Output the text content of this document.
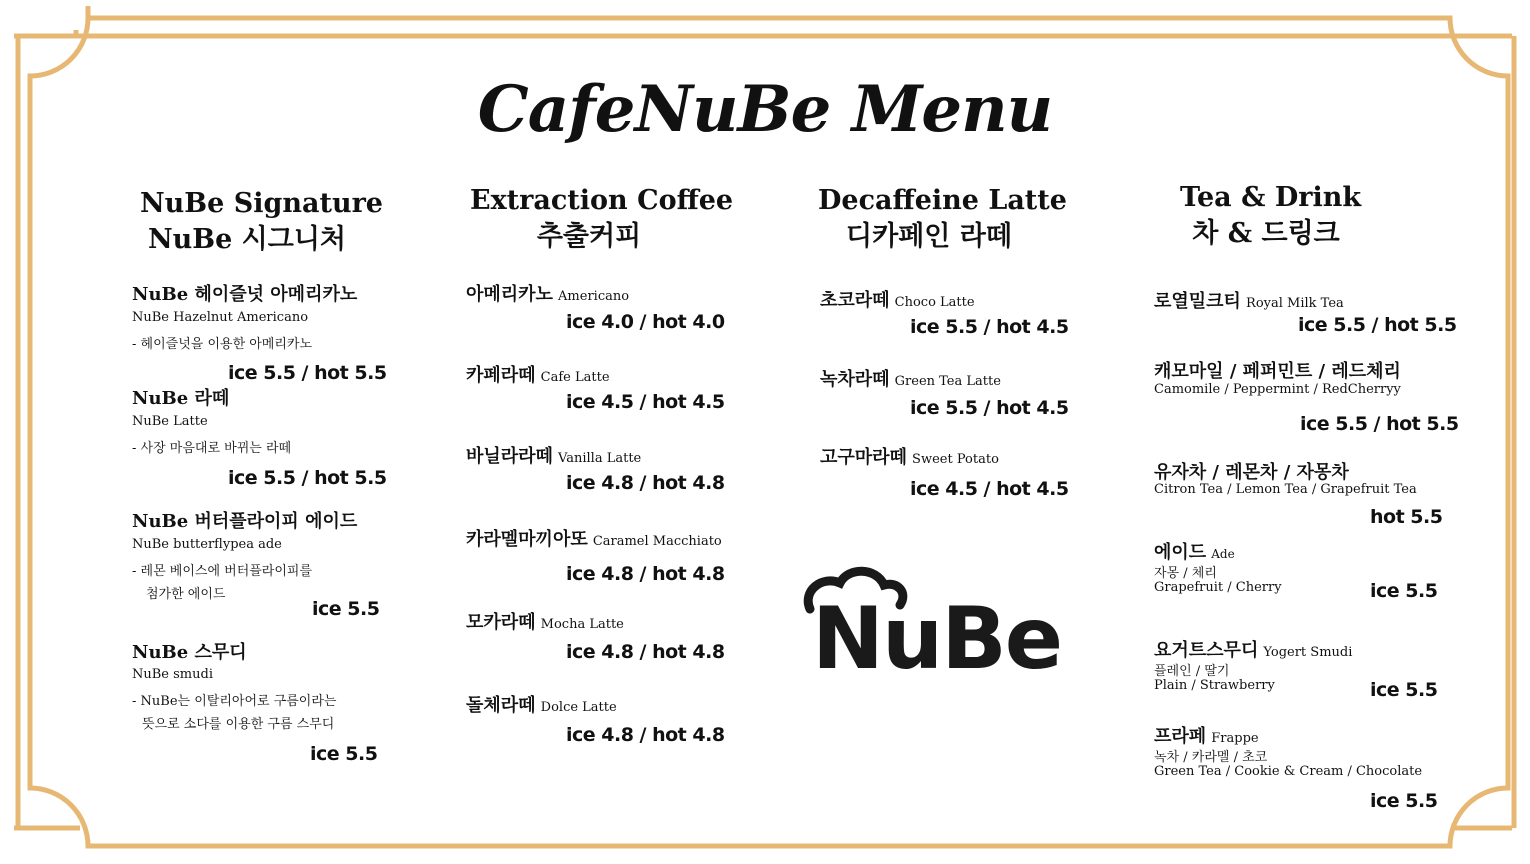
CafeNuBe Menu
NuBe Signature
NuBe 시그니처
NuBe 헤이즐넛 아메리카노
NuBe Hazelnut Americano
- 헤이즐넛을 이용한 아메리카노
ice 5.5 / hot 5.5
NuBe 라떼
NuBe Latte
- 사장 마음대로 바뀌는 라떼
ice 5.5 / hot 5.5
NuBe 버터플라이피 에이드
NuBe butterflypea ade
- 레몬 베이스에 버터플라이피를
첨가한 에이드
ice 5.5
NuBe 스무디
NuBe smudi
- NuBe는 이탈리아어로 구름이라는
뜻으로 소다를 이용한 구름 스무디
ice 5.5
Extraction Coffee
추출커피
아메리카노 Americano
ice 4.0 / hot 4.0
카페라떼 Cafe Latte
ice 4.5 / hot 4.5
바닐라라떼 Vanilla Latte
ice 4.8 / hot 4.8
카라멜마끼아또 Caramel Macchiato
ice 4.8 / hot 4.8
모카라떼 Mocha Latte
ice 4.8 / hot 4.8
돌체라떼 Dolce Latte
ice 4.8 / hot 4.8
Decaffeine Latte
디카페인 라떼
초코라떼 Choco Latte
ice 5.5 / hot 4.5
녹차라떼 Green Tea Latte
ice 5.5 / hot 4.5
고구마라떼 Sweet Potato
ice 4.5 / hot 4.5
NuBe
Tea & Drink
차 & 드링크
로열밀크티 Royal Milk Tea
ice 5.5 / hot 5.5
캐모마일 / 페퍼민트 / 레드체리
Camomile / Peppermint / RedCherryy
ice 5.5 / hot 5.5
유자차 / 레몬차 / 자몽차
Citron Tea / Lemon Tea / Grapefruit Tea
hot 5.5
에이드 Ade
자몽 / 체리
Grapefruit / Cherry	ice 5.5
요거트스무디 Yogert Smudi
플레인 / 딸기
Plain / Strawberry	ice 5.5
프라페 Frappe
녹차 / 카라멜 / 초코
Green Tea / Cookie & Cream / Chocolate
ice 5.5
